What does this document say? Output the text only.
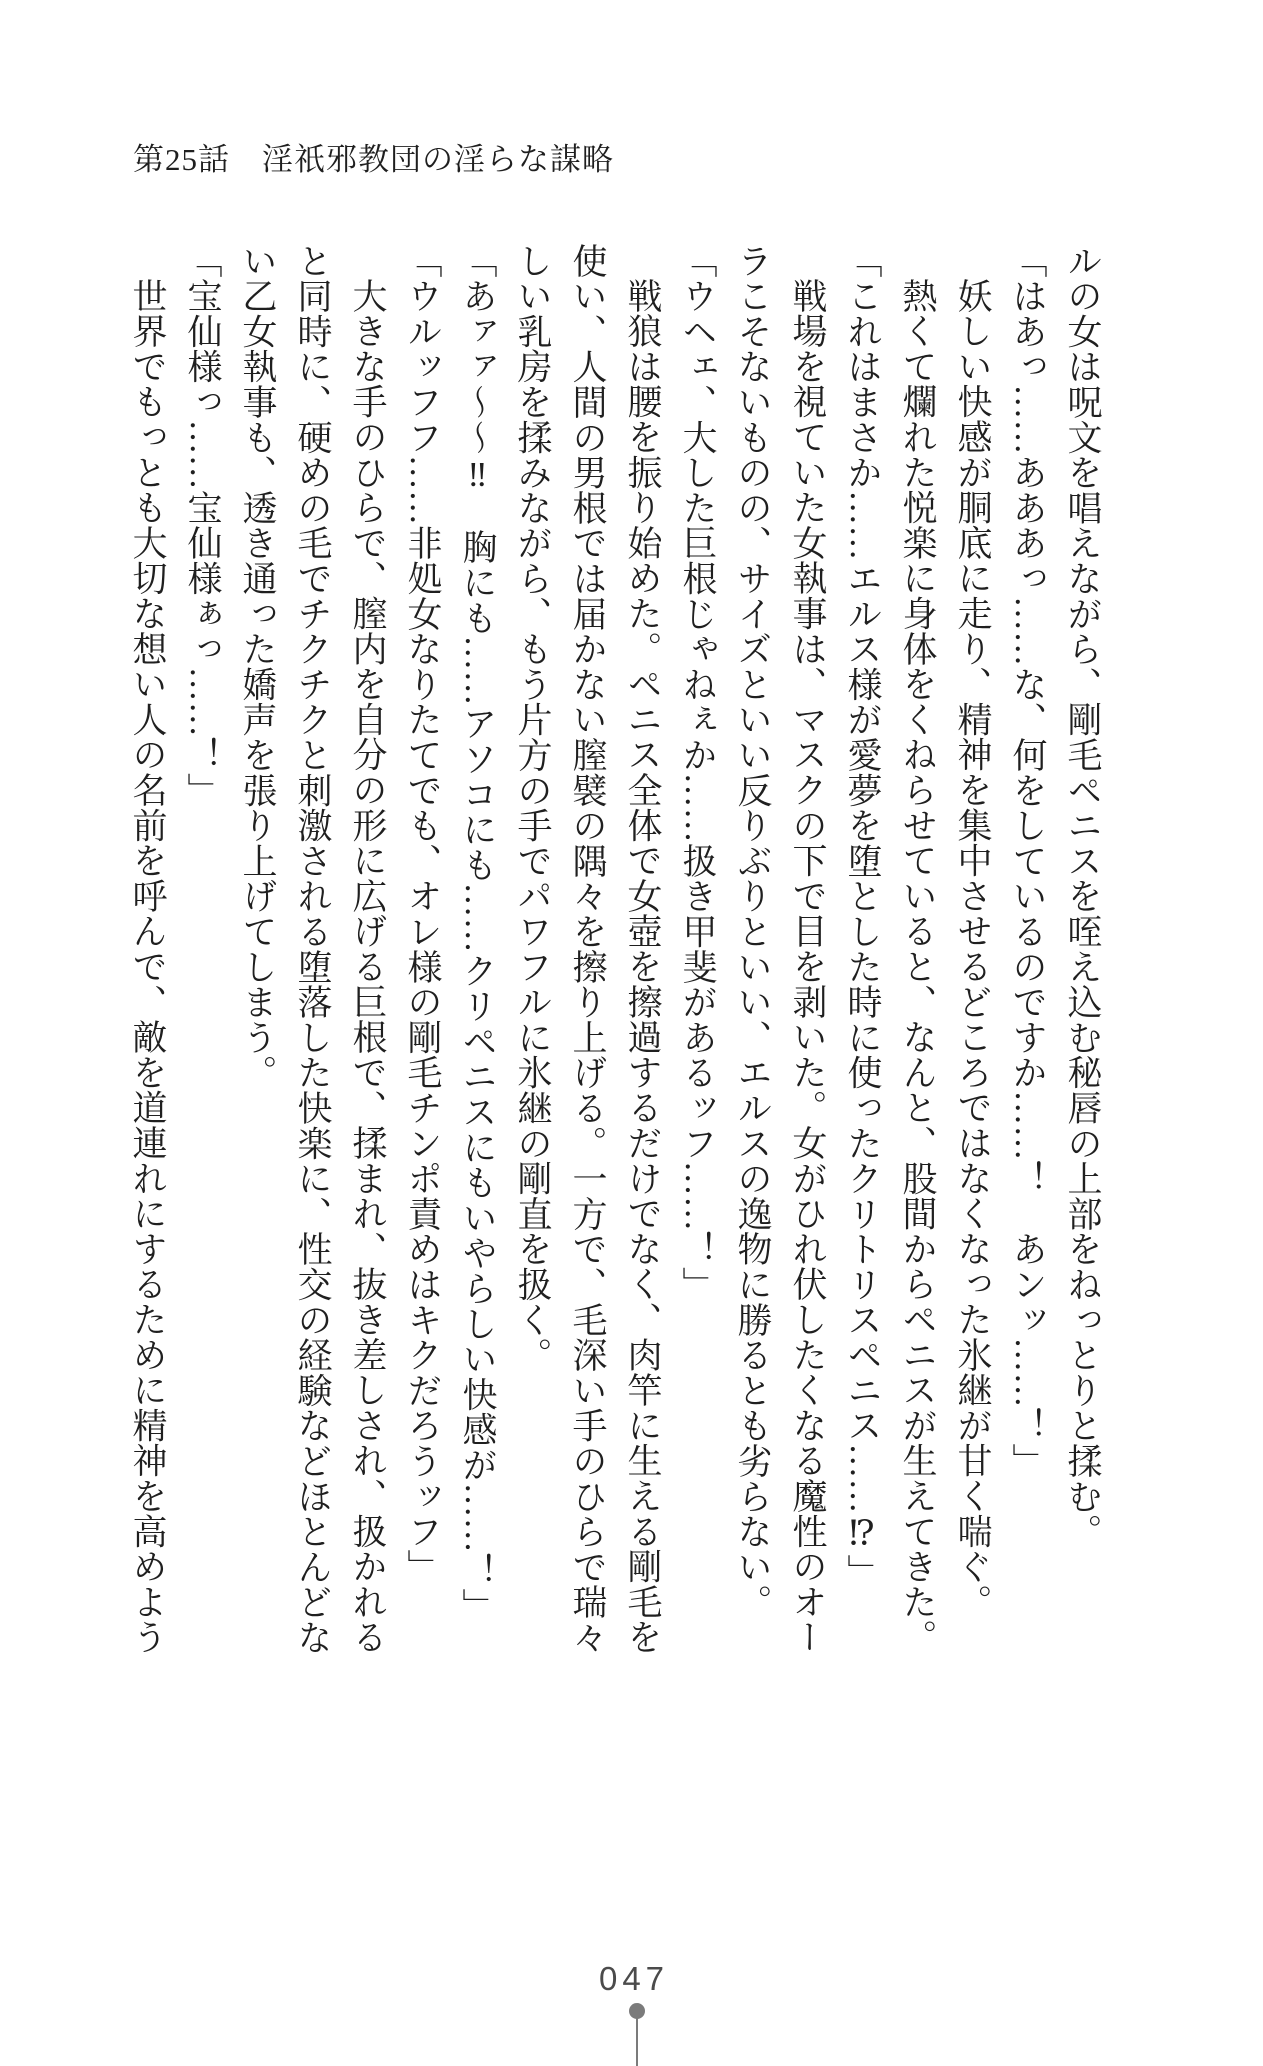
第25話　淫祇邪教団の淫らな謀略

ルの女は呪文を唱えながら、剛毛ペニスを咥え込む秘唇の上部をねっとりと揉む。

「はあっ……あああっ……な、何をしているのですか……！　あンッ……！」

妖しい快感が胴底に走り、精神を集中させるどころではなくなった氷継が甘く喘ぐ。

熱くて爛れた悦楽に身体をくねらせていると、なんと、股間からペニスが生えてきた。

「これはまさか……エルス様が愛夢を堕とした時に使ったクリトリスペニス……⁉」

戦場を視ていた女執事は、マスクの下で目を剥いた。女がひれ伏したくなる魔性のオー

ラこそないものの、サイズといい反りぶりといい、エルスの逸物に勝るとも劣らない。

「ウヘェ、大した巨根じゃねぇか……扱き甲斐があるッフ……！」

戦狼は腰を振り始めた。ペニス全体で女壺を擦過するだけでなく、肉竿に生える剛毛を

使い、人間の男根では届かない膣襞の隅々を擦り上げる。一方で、毛深い手のひらで瑞々

しい乳房を揉みながら、もう片方の手でパワフルに氷継の剛直を扱く。

「あァァ～～‼　胸にも……アソコにも……クリペニスにもいやらしい快感が……！」

「ウルッフフ……非処女なりたてでも、オレ様の剛毛チンポ責めはキクだろうッフ」

大きな手のひらで、膣内を自分の形に広げる巨根で、揉まれ、抜き差しされ、扱かれる

と同時に、硬めの毛でチクチクと刺激される堕落した快楽に、性交の経験などほとんどな

い乙女執事も、透き通った嬌声を張り上げてしまう。

「宝仙様っ……宝仙様ぁっ……！」

世界でもっとも大切な想い人の名前を呼んで、敵を道連れにするために精神を高めよう

047
